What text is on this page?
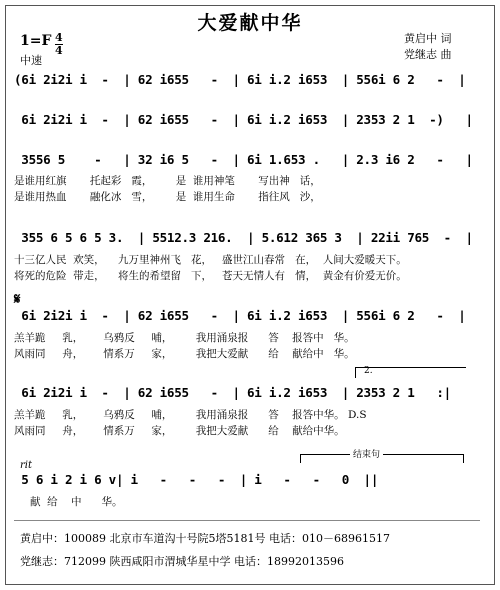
大爱献中华
黄启中 词
党继志 曲
1=F 4
4
中速
(6i 2i2i i  -  | 62 i655   -  | 6i i.2 i653  | 556i 6 2   -  |
6i 2i2i i  -  | 62 i655   -  | 6i i.2 i653  | 2353 2 1  -)   |
3556 5    -   | 32 i6 5   -  | 6i 1.653 .   | 2.3 i6 2   -   |
是谁用红旗       托起彩   霞，       是  谁用神笔       写出神   话，
是谁用热血       融化冰   雪，       是  谁用生命       指往风   沙，
355 6 5 6 5 3.  | 5512.3 216.  | 5.612 365 3  | 22ii 765  -  |
十三亿人民  欢笑，    九万里神州飞   花，   盛世江山春常   在，  人间大爱暖天下。
将死的危险  带走，    将生的希望留   下，   苍天无情人有   情，  黄金有价爱无价。
𝄋
6i 2i2i i  -  | 62 i655   -  | 6i i.2 i653  | 556i 6 2   -  |
羔羊跪     乳，      乌鸦反     哺，       我用涌泉报      答    报答中   华。
风雨同     舟，      情系万     家，       我把大爱献      给    献给中   华。
2.
6i 2i2i i  -  | 62 i655   -  | 6i i.2 i653  | 2353 2 1   :|
羔羊跪     乳，      乌鸦反     哺，       我用涌泉报      答    报答中华。 D.S
风雨同     舟，      情系万     家，       我把大爱献      给    献给中华。
结束句
rit
5 6 i 2 i 6 v| i   -   -   -  | i   -   -   0  ||
献  给    中      华。
黄启中：100089 北京市车道沟十号院5塔5181号 电话：010－68961517
党继志：712099 陕西咸阳市渭城华星中学 电话：18992013596
